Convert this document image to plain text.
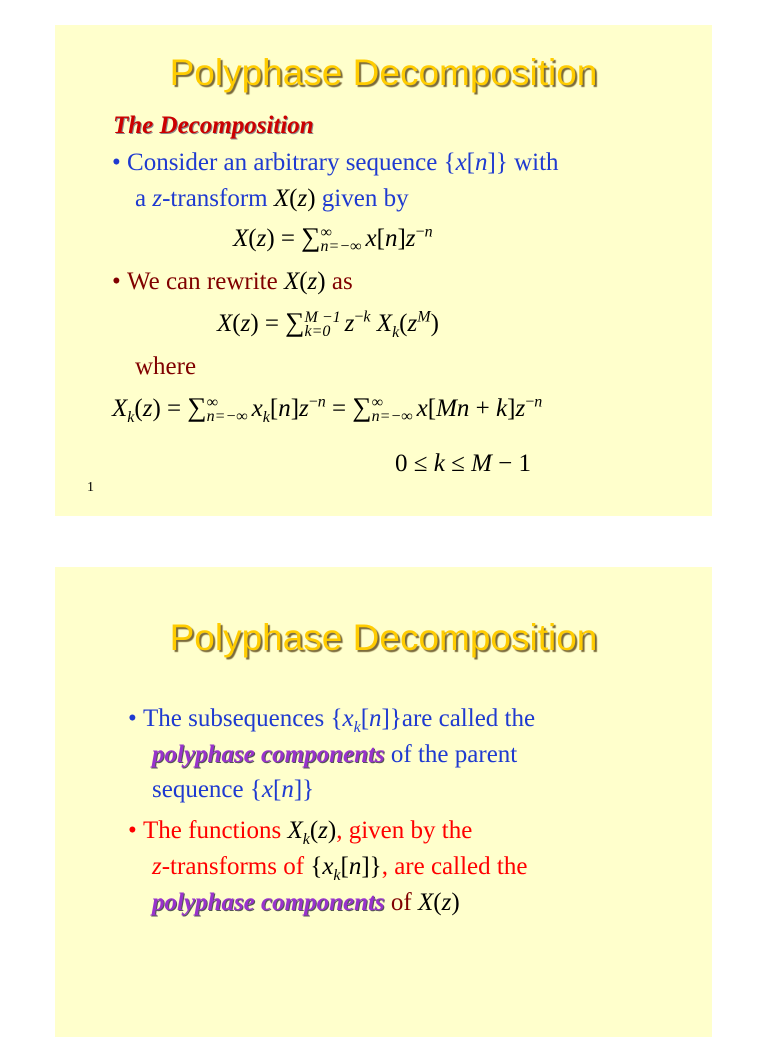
Polyphase Decomposition
The Decomposition
• Consider an arbitrary sequence {x[n]} with
a z-transform X(z) given by
X(z) = ∑ ∞
n=−∞ $x[n]z^{-n}$
• We can rewrite X(z) as
X(z) = ∑ M −1
k=0 $z^{-k}$ $X_k(z^M)$
where
$X_k(z)$ = ∑ ∞
n=−∞ $x_k[n]z^{-n}$ = ∑ ∞
n=−∞ $x[Mn + k]z^{-n}$
0 ≤ k ≤ M − 1
1
Polyphase Decomposition
• The subsequences $\{x_k[n]\}are$ called the
polyphase components of the parent
sequence {x[n]}
• The functions $X_k(z)$, given by the
z-transforms of $\{x_k[n]\}$, are called the
polyphase components of X(z)
